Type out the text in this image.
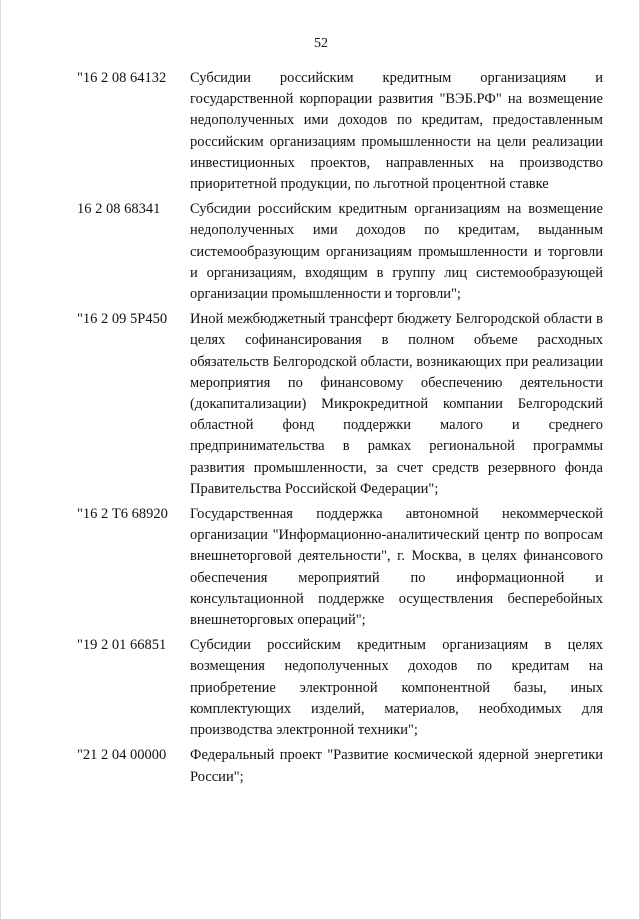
52
"16 2 08 64132	Субсидии российским кредитным организациям и государственной корпорации развития "ВЭБ.РФ" на возмещение недополученных ими доходов по кредитам, предоставленным российским организациям промышленности на цели реализации инвестиционных проектов, направленных на производство приоритетной продукции, по льготной процентной ставке
16 2 08 68341	Субсидии российским кредитным организациям на возмещение недополученных ими доходов по кредитам, выданным системообразующим организациям промышленности и торговли и организациям, входящим в группу лиц системообразующей организации промышленности и торговли";
"16 2 09 5Р450	Иной межбюджетный трансферт бюджету Белгородской области в целях софинансирования в полном объеме расходных обязательств Белгородской области, возникающих при реализации мероприятия по финансовому обеспечению деятельности (докапитализации) Микрокредитной компании Белгородский областной фонд поддержки малого и среднего предпринимательства в рамках региональной программы развития промышленности, за счет средств резервного фонда Правительства Российской Федерации";
"16 2 Т6 68920	Государственная поддержка автономной некоммерческой организации "Информационно-аналитический центр по вопросам внешнеторговой деятельности", г. Москва, в целях финансового обеспечения мероприятий по информационной и консультационной поддержке осуществления бесперебойных внешнеторговых операций";
"19 2 01 66851	Субсидии российским кредитным организациям в целях возмещения недополученных доходов по кредитам на приобретение электронной компонентной базы, иных комплектующих изделий, материалов, необходимых для производства электронной техники";
"21 2 04 00000	Федеральный проект "Развитие космической ядерной энергетики России";
